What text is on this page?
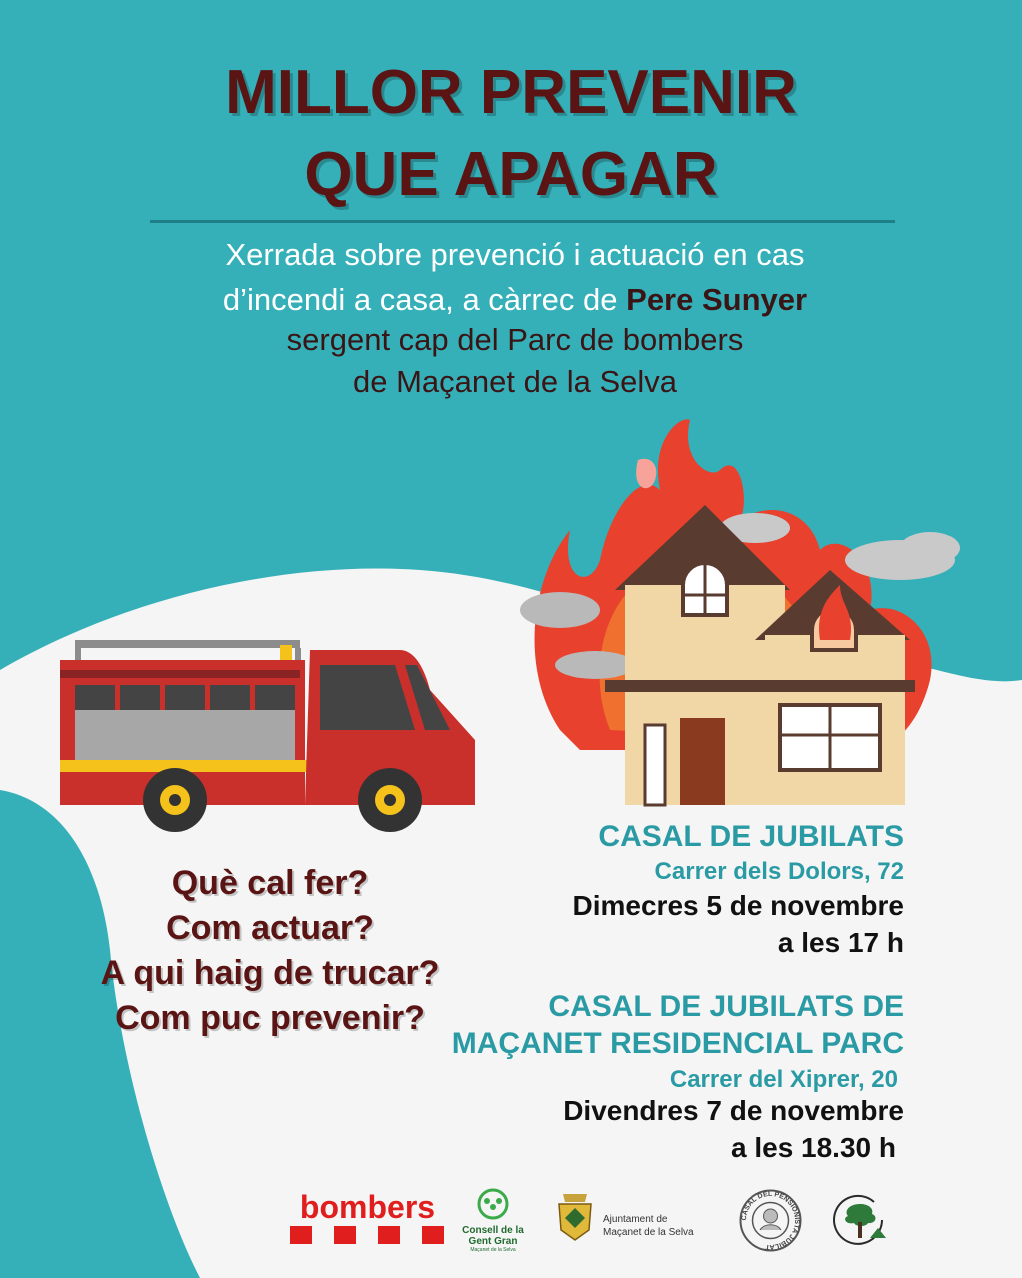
MILLOR PREVENIR
QUE APAGAR
Xerrada sobre prevenció i actuació en cas
d’incendi a casa, a càrrec de Pere Sunyer
sergent cap del Parc de bombers
de Maçanet de la Selva
Què cal fer?
Com actuar?
A qui haig de trucar?
Com puc prevenir?
CASAL DE JUBILATS
Carrer dels Dolors, 72
Dimecres 5 de novembre
a les 17 h
CASAL DE JUBILATS DE
MAÇANET RESIDENCIAL PARC
Carrer del Xiprer, 20
Divendres 7 de novembre
a les 18.30 h
bombers
Consell de la
Gent Gran
Maçanet de la Selva
Ajuntament de
Maçanet de la Selva
CASAL DEL PENSIONISTA JUBILAT
